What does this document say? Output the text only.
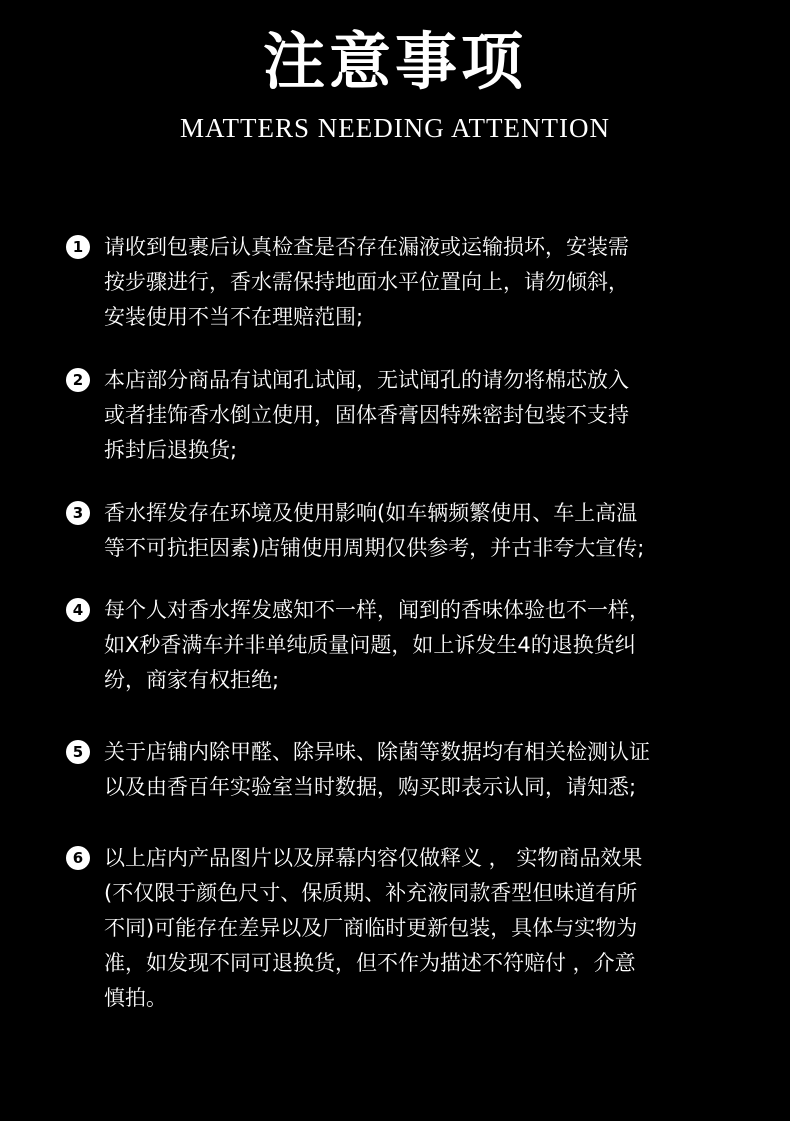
注意事项
MATTERS NEEDING ATTENTION
1 请收到包裹后认真检查是否存在漏液或运输损坏，安装需
按步骤进行，香水需保持地面水平位置向上，请勿倾斜，
安装使用不当不在理赔范围;
2 本店部分商品有试闻孔试闻，无试闻孔的请勿将棉芯放入
或者挂饰香水倒立使用，固体香膏因特殊密封包装不支持
拆封后退换货;
3 香水挥发存在环境及使用影响(如车辆频繁使用、车上高温
等不可抗拒因素)店铺使用周期仅供参考，并古非夸大宣传;
4 每个人对香水挥发感知不一样，闻到的香味体验也不一样，
如X秒香满车并非单纯质量问题，如上诉发生4的退换货纠
纷，商家有权拒绝;
5 关于店铺内除甲醛、除异味、除菌等数据均有相关检测认证
以及由香百年实验室当时数据，购买即表示认同，请知悉;
6 以上店内产品图片以及屏幕内容仅做释义 ， 实物商品效果
(不仅限于颜色尺寸、保质期、补充液同款香型但味道有所
不同)可能存在差异以及厂商临时更新包装，具体与实物为
准，如发现不同可退换货，但不作为描述不符赔付 ，介意
慎拍。
